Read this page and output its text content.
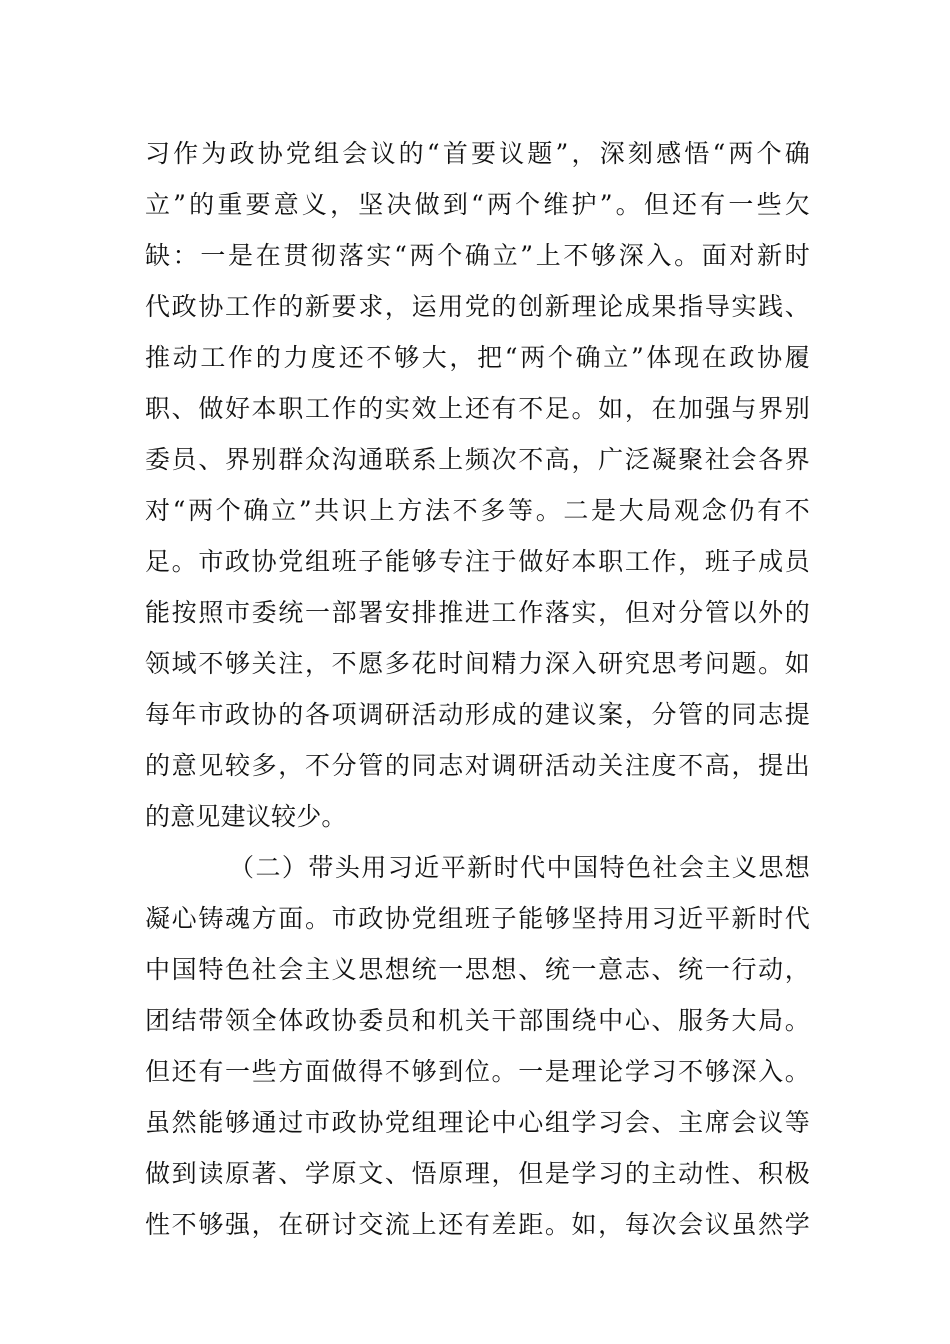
习作为政协党组会议的“首要议题”，深刻感悟“两个确
立”的重要意义，坚决做到“两个维护”。但还有一些欠
缺：一是在贯彻落实“两个确立”上不够深入。面对新时
代政协工作的新要求，运用党的创新理论成果指导实践、
推动工作的力度还不够大，把“两个确立”体现在政协履
职、做好本职工作的实效上还有不足。如，在加强与界别
委员、界别群众沟通联系上频次不高，广泛凝聚社会各界
对“两个确立”共识上方法不多等。二是大局观念仍有不
足。市政协党组班子能够专注于做好本职工作，班子成员
能按照市委统一部署安排推进工作落实，但对分管以外的
领域不够关注，不愿多花时间精力深入研究思考问题。如
每年市政协的各项调研活动形成的建议案，分管的同志提
的意见较多，不分管的同志对调研活动关注度不高，提出
的意见建议较少。
（二）带头用习近平新时代中国特色社会主义思想
凝心铸魂方面。市政协党组班子能够坚持用习近平新时代
中国特色社会主义思想统一思想、统一意志、统一行动，
团结带领全体政协委员和机关干部围绕中心、服务大局。
但还有一些方面做得不够到位。一是理论学习不够深入。
虽然能够通过市政协党组理论中心组学习会、主席会议等
做到读原著、学原文、悟原理，但是学习的主动性、积极
性不够强，在研讨交流上还有差距。如，每次会议虽然学
